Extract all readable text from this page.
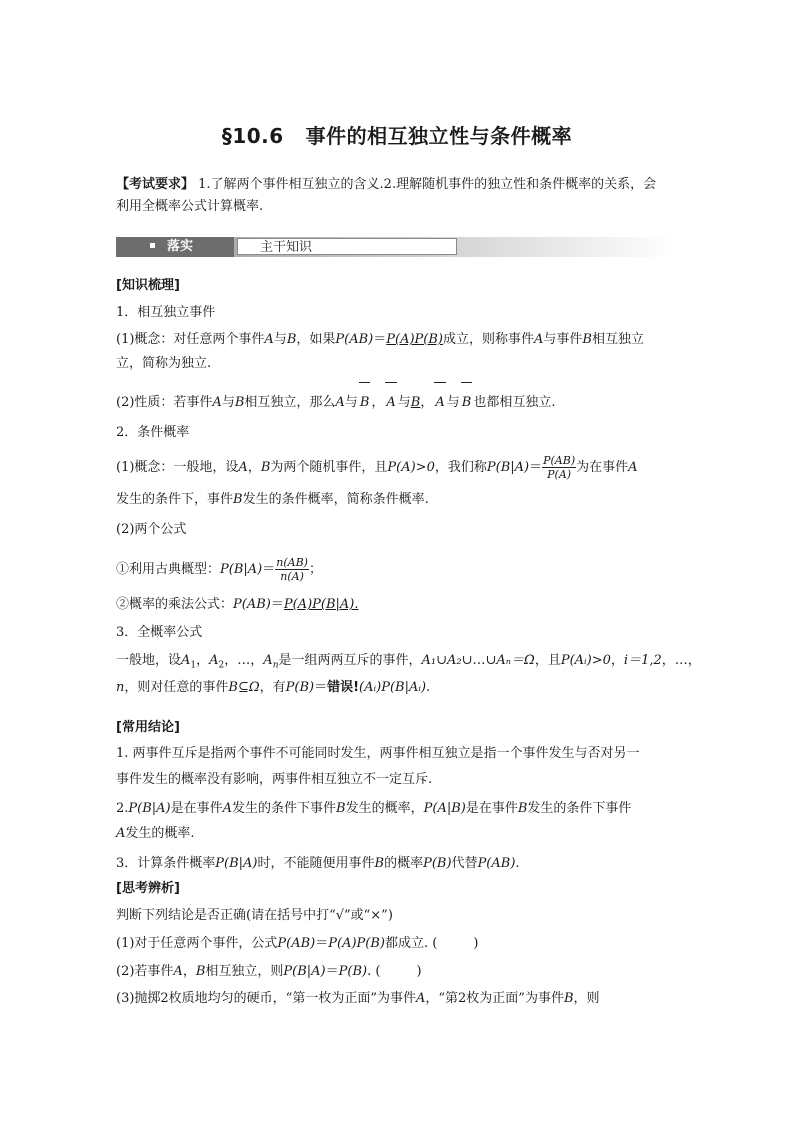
§10.6 事件的相互独立性与条件概率
【考试要求】 1.了解两个事件相互独立的含义.2.理解随机事件的独立性和条件概率的关系，会
利用全概率公式计算概率.
落实	主干知识
[知识梳理]
1．相互独立事件
(1)概念：对任意两个事件A与B，如果P(AB)＝P(A)P(B)成立，则称事件A与事件B相互独立
立，简称为独立.
(2)性质：若事件A与B相互独立，那么A与 B ， A 与B， A 与 B 也都相互独立.
2．条件概率
(1)概念：一般地，设A，B为两个随机事件，且P(A)>0，我们称$P(B|A)= \frac{P(AB)}{P(A)}$ 为在事件A
发生的条件下，事件B发生的条件概率，简称条件概率.
(2)两个公式
①利用古典概型：$P(B|A)= \frac{n(AB)}{n(A)}$ ；
②概率的乘法公式：P(AB)＝P(A)P(B|A).
3．全概率公式
一般地，设$A_1$，$A_2$，…，$A_n$是一组两两互斥的事件，A₁∪A₂∪…∪Aₙ＝Ω，且P(Aᵢ)>0，i＝1,2，…，
n，则对任意的事件B⊆Ω，有P(B)＝错误!(Aᵢ)P(B|Aᵢ).
[常用结论]
1. 两事件互斥是指两个事件不可能同时发生，两事件相互独立是指一个事件发生与否对另一
事件发生的概率没有影响，两事件相互独立不一定互斥.
2.P(B|A)是在事件A发生的条件下事件B发生的概率，P(A|B)是在事件B发生的条件下事件
A发生的概率.
3．计算条件概率P(B|A)时，不能随便用事件B的概率P(B)代替P(AB).
[思考辨析]
判断下列结论是否正确(请在括号中打“√”或“×”)
(1)对于任意两个事件，公式P(AB)＝P(A)P(B)都成立. (	)
(2)若事件A，B相互独立，则P(B|A)＝P(B). (	)
(3)抛掷2枚质地均匀的硬币，“第一枚为正面”为事件A，“第2枚为正面”为事件B，则
